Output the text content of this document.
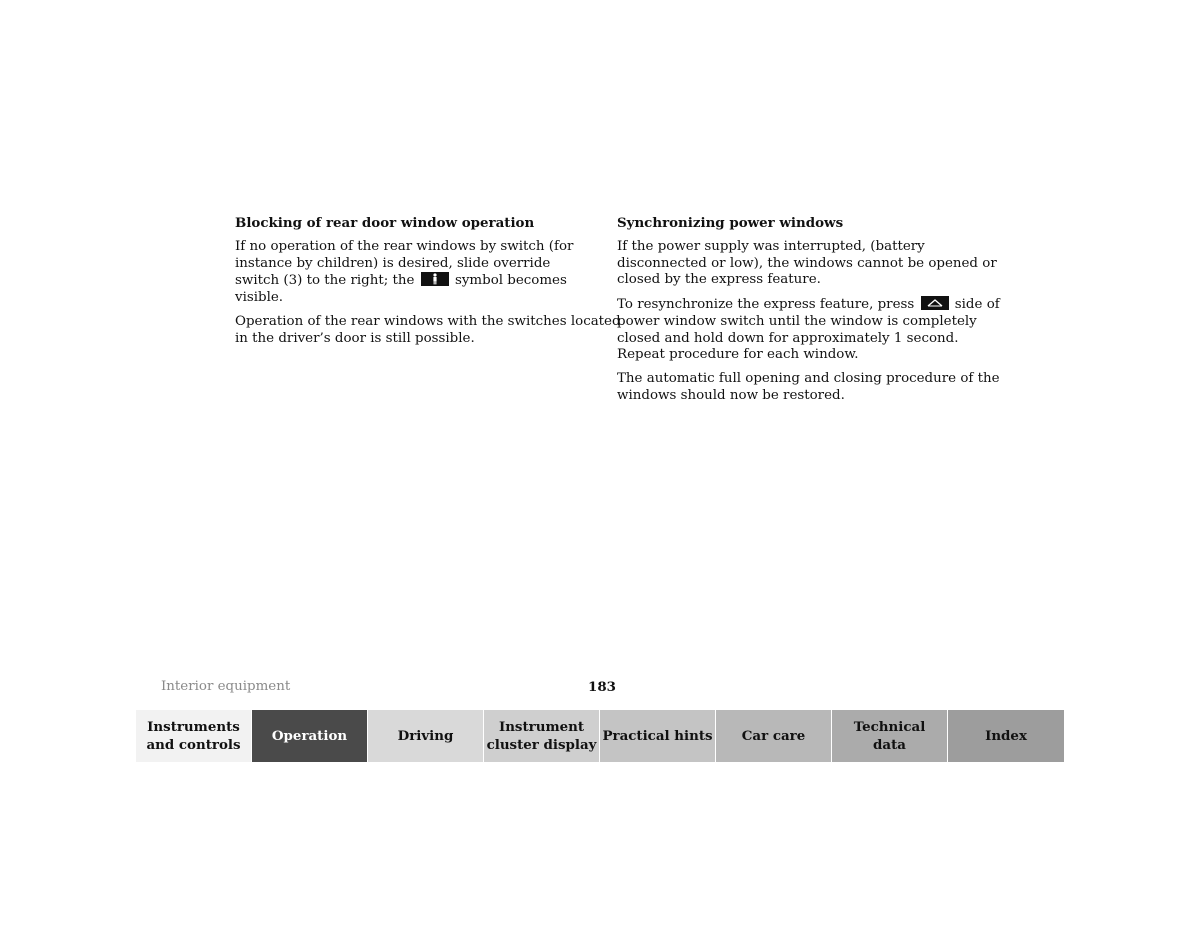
Blocking of rear door window operation
If no operation of the rear windows by switch (for
instance by children) is desired, slide override
switch (3) to the right; the	symbol becomes
visible.
Operation of the rear windows with the switches located
in the driver’s door is still possible.
Synchronizing power windows
If the power supply was interrupted, (battery
disconnected or low), the windows cannot be opened or
closed by the express feature.
To resynchronize the express feature, press	side of
power window switch until the window is completely
closed and hold down for approximately 1 second.
Repeat procedure for each window.
The automatic full opening and closing procedure of the
windows should now be restored.
Interior equipment	183
Instruments
and controls
Operation	Driving
Instrument
cluster display
Practical hints Car care
Technical
data
Index
